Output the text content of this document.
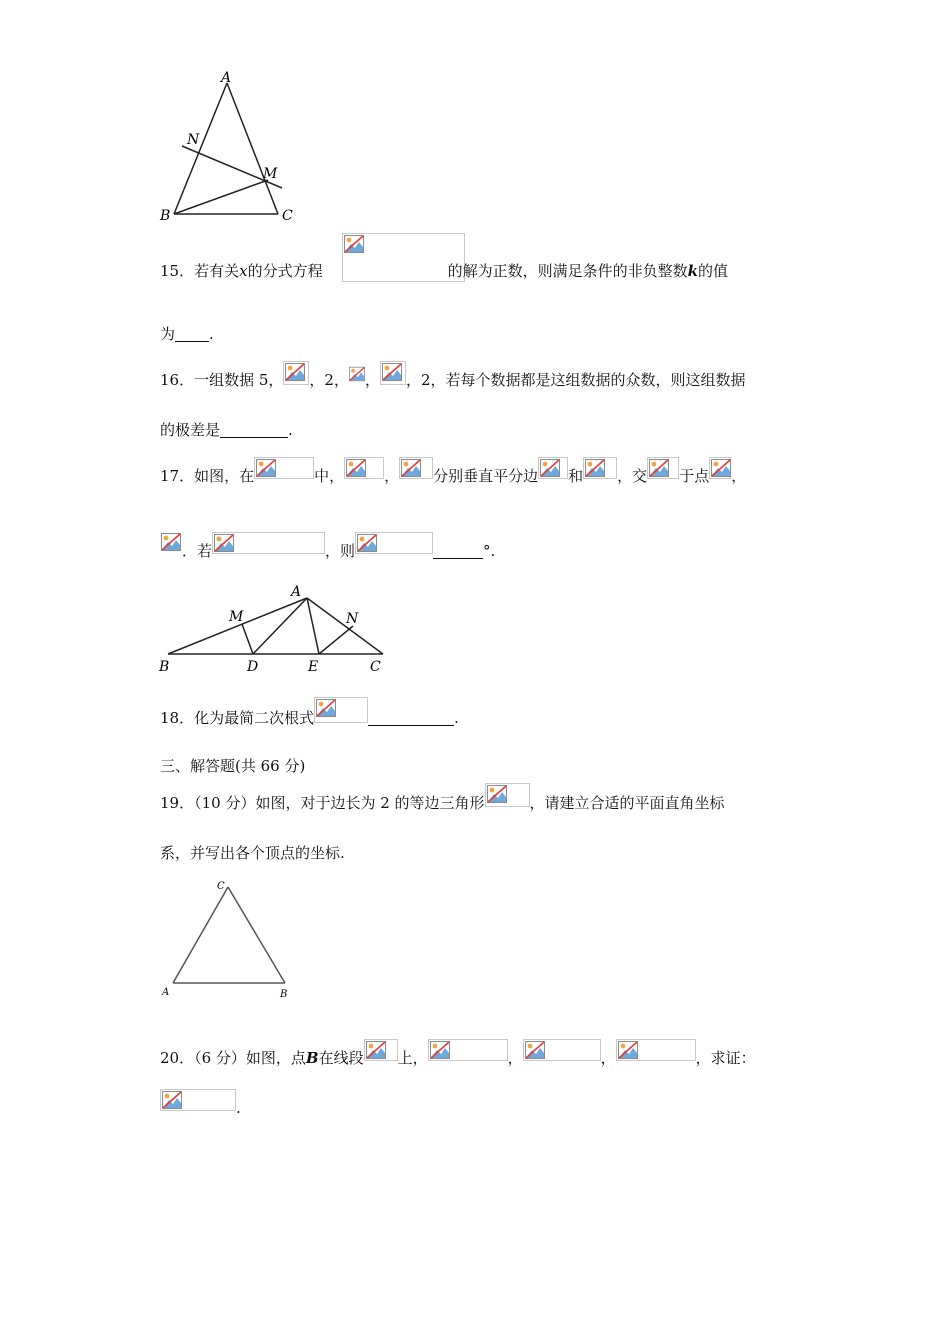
A
N
M
B	C
15．若有关x的分式方程	的解为正数，则满足条件的非负整数k的值
为 .
16．一组数据 5， ，2， ， ，2，若每个数据都是这组数据的众数，则这组数据
的极差是	.
17．如图，在	中，	， 分别垂直平分边 和 ，交 于点 ，
．若	，则	°.
A
M	N
B	D	E	C
18．化为最简二次根式	.
三、解答题(共 66 分)
19．（10 分）如图，对于边长为 2 的等边三角形	，请建立合适的平面直角坐标
系，并写出各个顶点的坐标.
C
A	B
20．（6 分）如图，点B在线段 上，	，	，	，求证：
.
